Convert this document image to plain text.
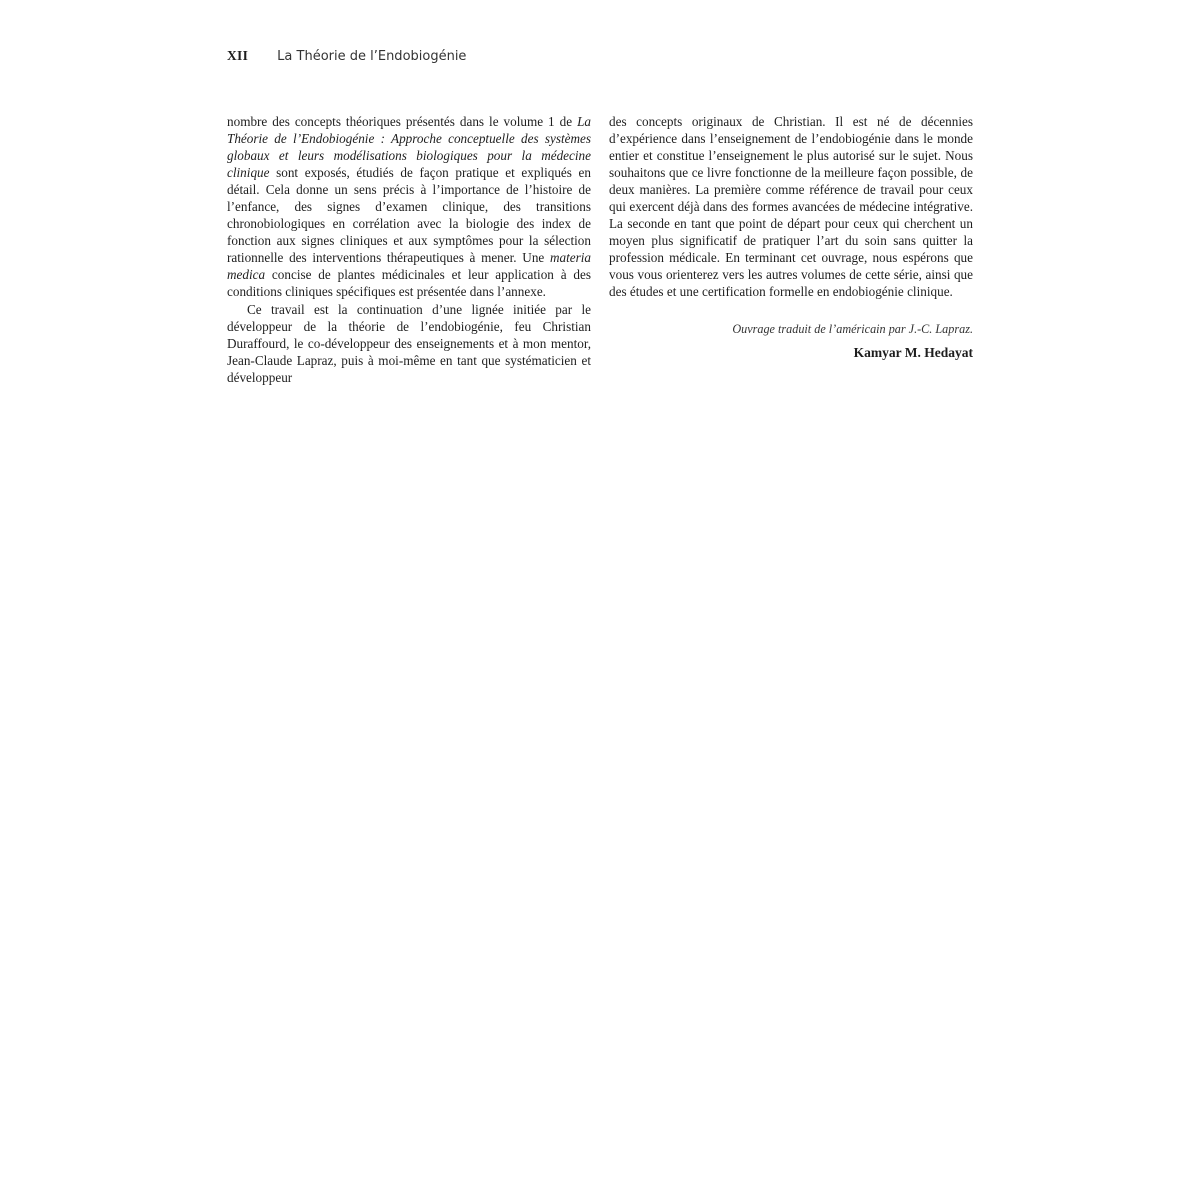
XII La Théorie de l’Endobiogénie

nombre des concepts théoriques présentés dans le volume 1 de La Théorie de l’Endobiogénie : Approche conceptuelle des systèmes globaux et leurs modélisations biologiques pour la médecine clinique sont exposés, étudiés de façon pratique et expliqués en détail. Cela donne un sens précis à l’importance de l’histoire de l’enfance, des signes d’examen clinique, des transitions chronobiologiques en corrélation avec la biologie des index de fonction aux signes cliniques et aux symptômes pour la sélection rationnelle des interventions thérapeutiques à mener. Une materia medica concise de plantes médicinales et leur application à des conditions cliniques spécifiques est présentée dans l’annexe.

Ce travail est la continuation d’une lignée initiée par le développeur de la théorie de l’endobiogénie, feu Christian Duraffourd, le co-développeur des enseignements et à mon mentor, Jean-Claude Lapraz, puis à moi-même en tant que systématicien et développeur

des concepts originaux de Christian. Il est né de décennies d’expérience dans l’enseignement de l’endobiogénie dans le monde entier et constitue l’enseignement le plus autorisé sur le sujet. Nous souhaitons que ce livre fonctionne de la meilleure façon possible, de deux manières. La première comme référence de travail pour ceux qui exercent déjà dans des formes avancées de médecine intégrative. La seconde en tant que point de départ pour ceux qui cherchent un moyen plus significatif de pratiquer l’art du soin sans quitter la profession médicale. En terminant cet ouvrage, nous espérons que vous vous orienterez vers les autres volumes de cette série, ainsi que des études et une certification formelle en endobiogénie clinique.

Ouvrage traduit de l’américain par J.-C. Lapraz.
Kamyar M. Hedayat
